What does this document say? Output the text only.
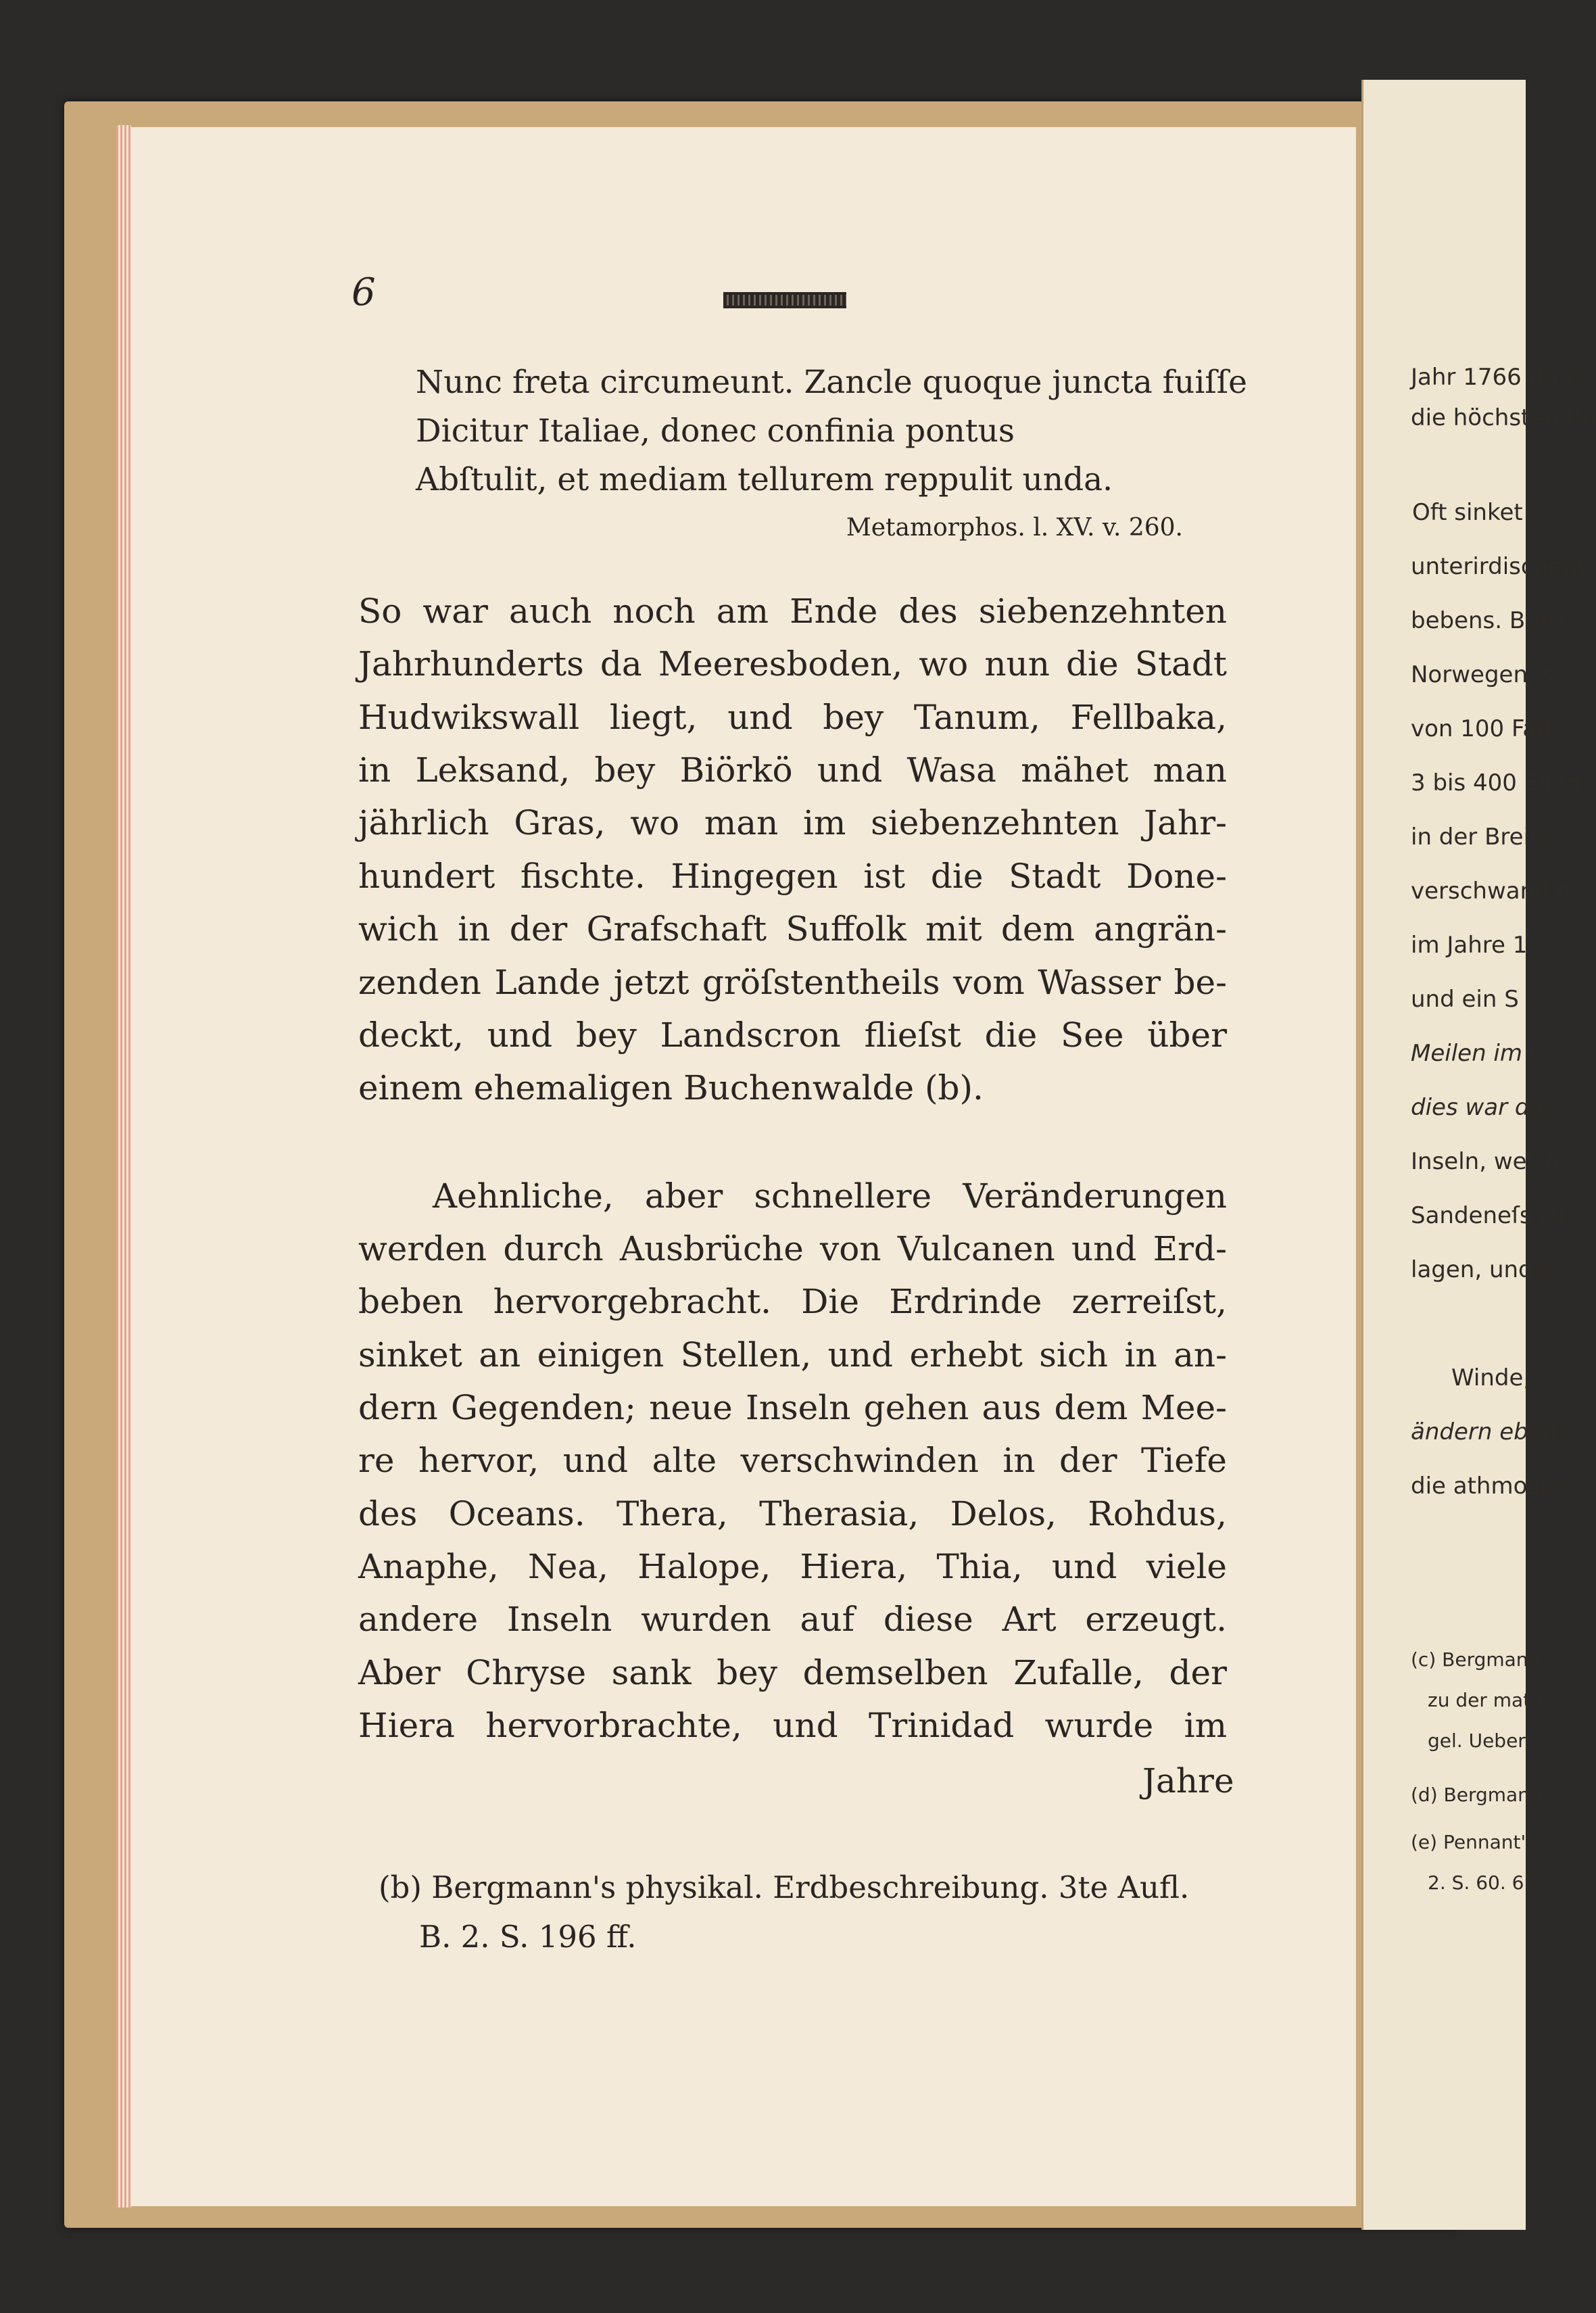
6
Nunc freta circumeunt. Zancle quoque juncta fuiſſe
Dicitur Italiae, donec confinia pontus
Abſtulit, et mediam tellurem reppulit unda.
Metamorphos. l. XV. v. 260.
So war auch noch am Ende des siebenzehnten
Jahrhunderts da Meeresboden, wo nun die Stadt
Hudwikswall liegt, und bey Tanum, Fellbaka,
in Leksand, bey Biörkö und Wasa mähet man
jährlich Gras, wo man im siebenzehnten Jahr-
hundert fischte. Hingegen ist die Stadt Done-
wich in der Grafschaft Suffolk mit dem angrän-
zenden Lande jetzt gröſstentheils vom Wasser be-
deckt, und bey Landscron flieſst die See über
einem ehemaligen Buchenwalde (b).
Aehnliche, aber schnellere Veränderungen
werden durch Ausbrüche von Vulcanen und Erd-
beben hervorgebracht. Die Erdrinde zerreiſst,
sinket an einigen Stellen, und erhebt sich in an-
dern Gegenden; neue Inseln gehen aus dem Mee-
re hervor, und alte verschwinden in der Tiefe
des Oceans. Thera, Therasia, Delos, Rohdus,
Anaphe, Nea, Halope, Hiera, Thia, und viele
andere Inseln wurden auf diese Art erzeugt.
Aber Chryse sank bey demselben Zufalle, der
Hiera hervorbrachte, und Trinidad wurde im
Jahre
(b) Bergmann's physikal. Erdbeschreibung. 3te Aufl.
B. 2. S. 196 ff.
Jahr 1766 durch
die höchsten Be
Oft sinket
unterirdischem
bebens. Borg
Norwegen, sa
von 100 Faden
3 bis 400 Ellen
in der Breite.
verschwand n
im Jahre 1
und ein S
Meilen im U
dies war das
Inseln, welch
Sandeneſs zu
lagen, und a
Winde,
ändern eben
die athmosph
(c) Bergmann
zu der math
gel. Uebers.
(d) Bergmann
(e) Pennant's
2. S. 60. 61.
